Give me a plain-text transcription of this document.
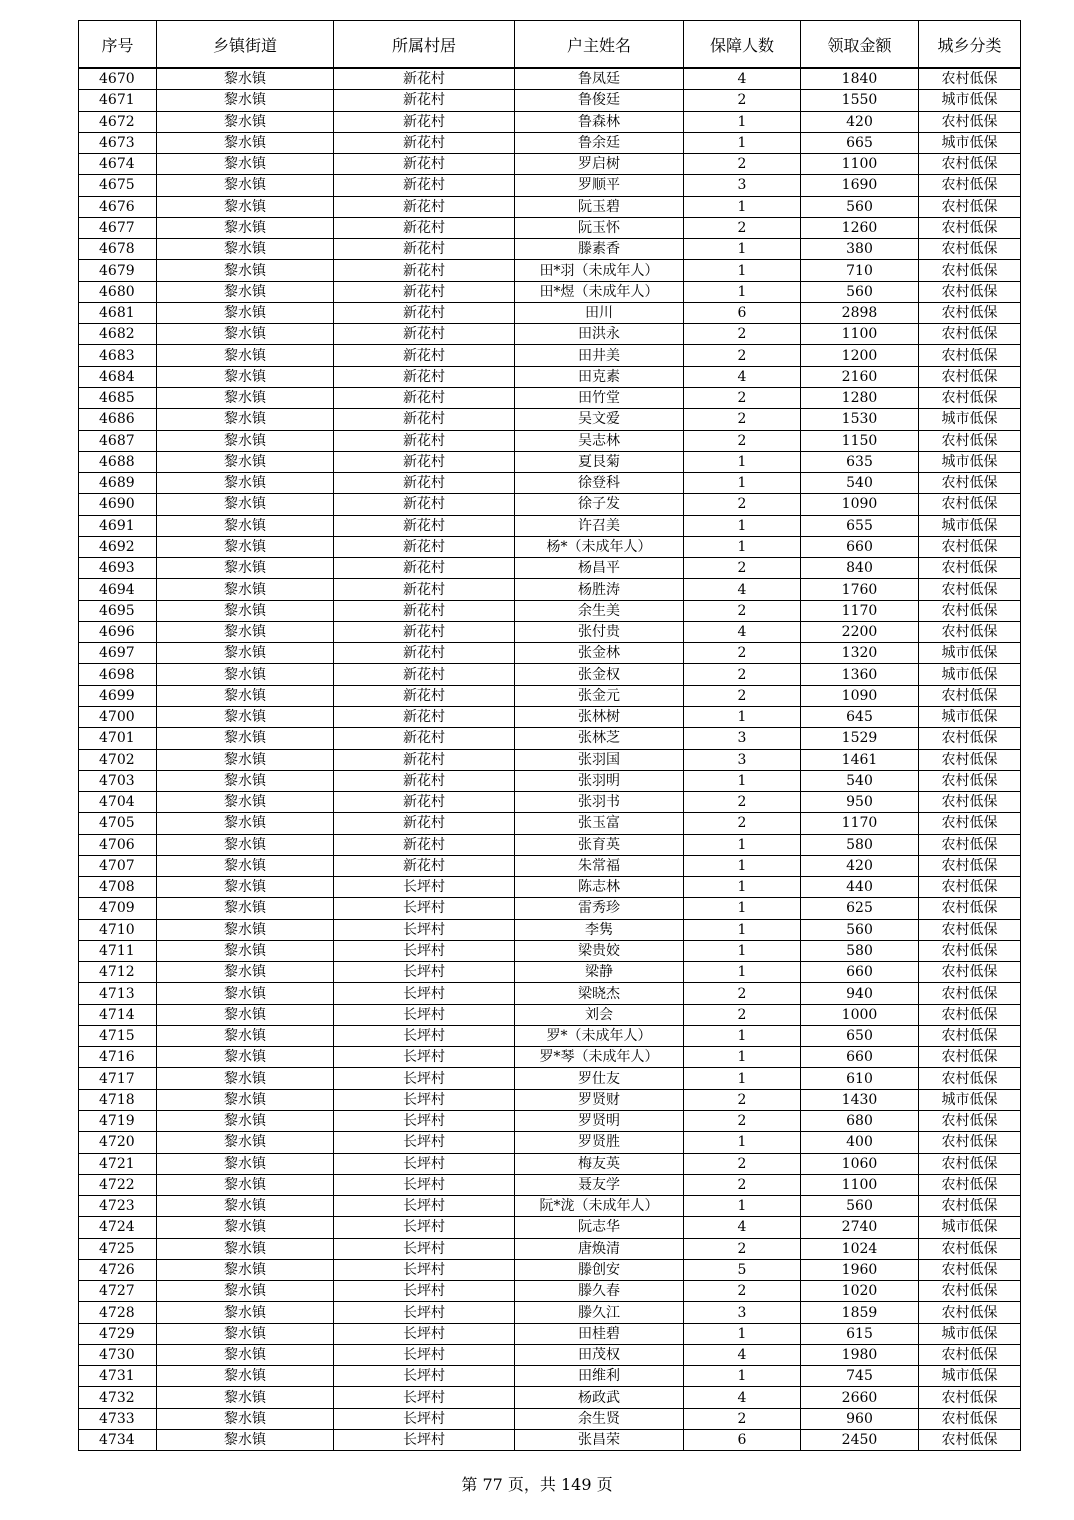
序号	乡镇街道	所属村居	户主姓名	保障人数	领取金额	城乡分类
4670	黎水镇	新花村	鲁凤廷	4	1840	农村低保
4671	黎水镇	新花村	鲁俊廷	2	1550	城市低保
4672	黎水镇	新花村	鲁森林	1	420	农村低保
4673	黎水镇	新花村	鲁余廷	1	665	城市低保
4674	黎水镇	新花村	罗启树	2	1100	农村低保
4675	黎水镇	新花村	罗顺平	3	1690	农村低保
4676	黎水镇	新花村	阮玉碧	1	560	农村低保
4677	黎水镇	新花村	阮玉怀	2	1260	农村低保
4678	黎水镇	新花村	滕素香	1	380	农村低保
4679	黎水镇	新花村	田*羽（未成年人）	1	710	农村低保
4680	黎水镇	新花村	田*煜（未成年人）	1	560	农村低保
4681	黎水镇	新花村	田川	6	2898	农村低保
4682	黎水镇	新花村	田洪永	2	1100	农村低保
4683	黎水镇	新花村	田井美	2	1200	农村低保
4684	黎水镇	新花村	田克素	4	2160	农村低保
4685	黎水镇	新花村	田竹堂	2	1280	农村低保
4686	黎水镇	新花村	吴文爱	2	1530	城市低保
4687	黎水镇	新花村	吴志林	2	1150	农村低保
4688	黎水镇	新花村	夏艮菊	1	635	城市低保
4689	黎水镇	新花村	徐登科	1	540	农村低保
4690	黎水镇	新花村	徐子发	2	1090	农村低保
4691	黎水镇	新花村	许召美	1	655	城市低保
4692	黎水镇	新花村	杨*（未成年人）	1	660	农村低保
4693	黎水镇	新花村	杨昌平	2	840	农村低保
4694	黎水镇	新花村	杨胜涛	4	1760	农村低保
4695	黎水镇	新花村	余生美	2	1170	农村低保
4696	黎水镇	新花村	张付贵	4	2200	农村低保
4697	黎水镇	新花村	张金林	2	1320	城市低保
4698	黎水镇	新花村	张金权	2	1360	城市低保
4699	黎水镇	新花村	张金元	2	1090	农村低保
4700	黎水镇	新花村	张林树	1	645	城市低保
4701	黎水镇	新花村	张林芝	3	1529	农村低保
4702	黎水镇	新花村	张羽国	3	1461	农村低保
4703	黎水镇	新花村	张羽明	1	540	农村低保
4704	黎水镇	新花村	张羽书	2	950	农村低保
4705	黎水镇	新花村	张玉富	2	1170	农村低保
4706	黎水镇	新花村	张育英	1	580	农村低保
4707	黎水镇	新花村	朱常福	1	420	农村低保
4708	黎水镇	长坪村	陈志林	1	440	农村低保
4709	黎水镇	长坪村	雷秀珍	1	625	农村低保
4710	黎水镇	长坪村	李隽	1	560	农村低保
4711	黎水镇	长坪村	梁贵姣	1	580	农村低保
4712	黎水镇	长坪村	梁静	1	660	农村低保
4713	黎水镇	长坪村	梁晓杰	2	940	农村低保
4714	黎水镇	长坪村	刘会	2	1000	农村低保
4715	黎水镇	长坪村	罗*（未成年人）	1	650	农村低保
4716	黎水镇	长坪村	罗*琴（未成年人）	1	660	农村低保
4717	黎水镇	长坪村	罗仕友	1	610	农村低保
4718	黎水镇	长坪村	罗贤财	2	1430	城市低保
4719	黎水镇	长坪村	罗贤明	2	680	农村低保
4720	黎水镇	长坪村	罗贤胜	1	400	农村低保
4721	黎水镇	长坪村	梅友英	2	1060	农村低保
4722	黎水镇	长坪村	聂友学	2	1100	农村低保
4723	黎水镇	长坪村	阮*泷（未成年人）	1	560	农村低保
4724	黎水镇	长坪村	阮志华	4	2740	城市低保
4725	黎水镇	长坪村	唐焕清	2	1024	农村低保
4726	黎水镇	长坪村	滕创安	5	1960	农村低保
4727	黎水镇	长坪村	滕久春	2	1020	农村低保
4728	黎水镇	长坪村	滕久江	3	1859	农村低保
4729	黎水镇	长坪村	田桂碧	1	615	城市低保
4730	黎水镇	长坪村	田茂权	4	1980	农村低保
4731	黎水镇	长坪村	田维利	1	745	城市低保
4732	黎水镇	长坪村	杨政武	4	2660	农村低保
4733	黎水镇	长坪村	余生贤	2	960	农村低保
4734	黎水镇	长坪村	张昌荣	6	2450	农村低保
第 77 页，共 149 页
